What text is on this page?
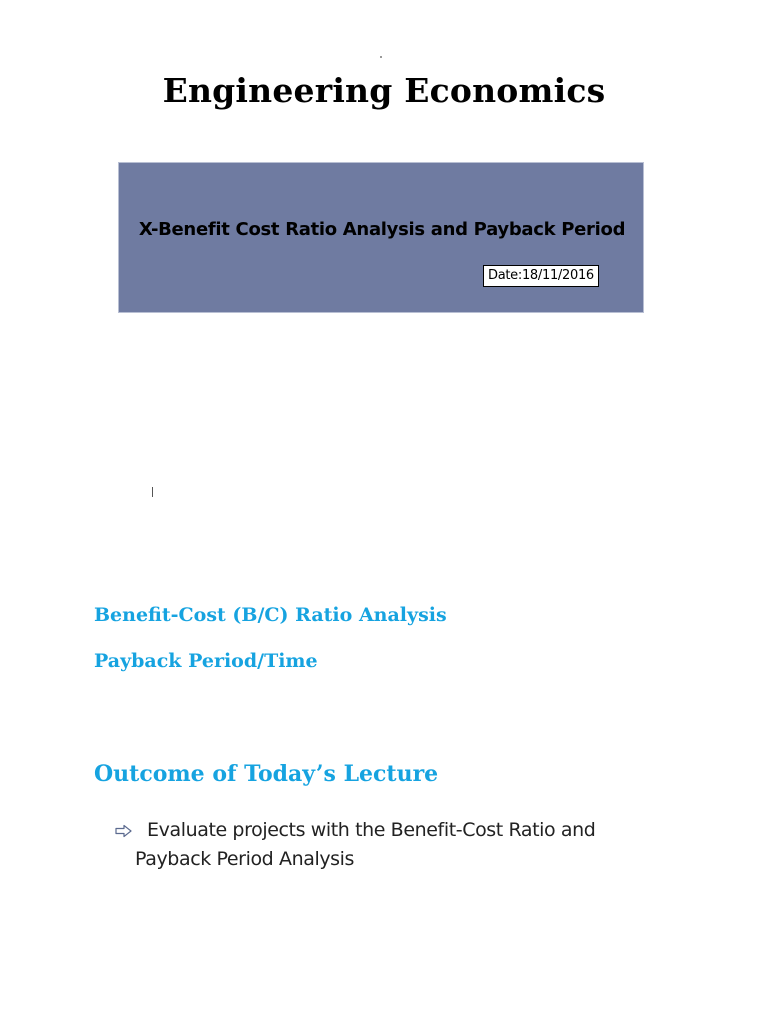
Engineering Economics
X-Benefit Cost Ratio Analysis and Payback Period
Date:18/11/2016
Benefit-Cost (B/C) Ratio Analysis
Payback Period/Time
Outcome of Today’s Lecture
Evaluate projects with the Benefit-Cost Ratio and Payback Period Analysis
